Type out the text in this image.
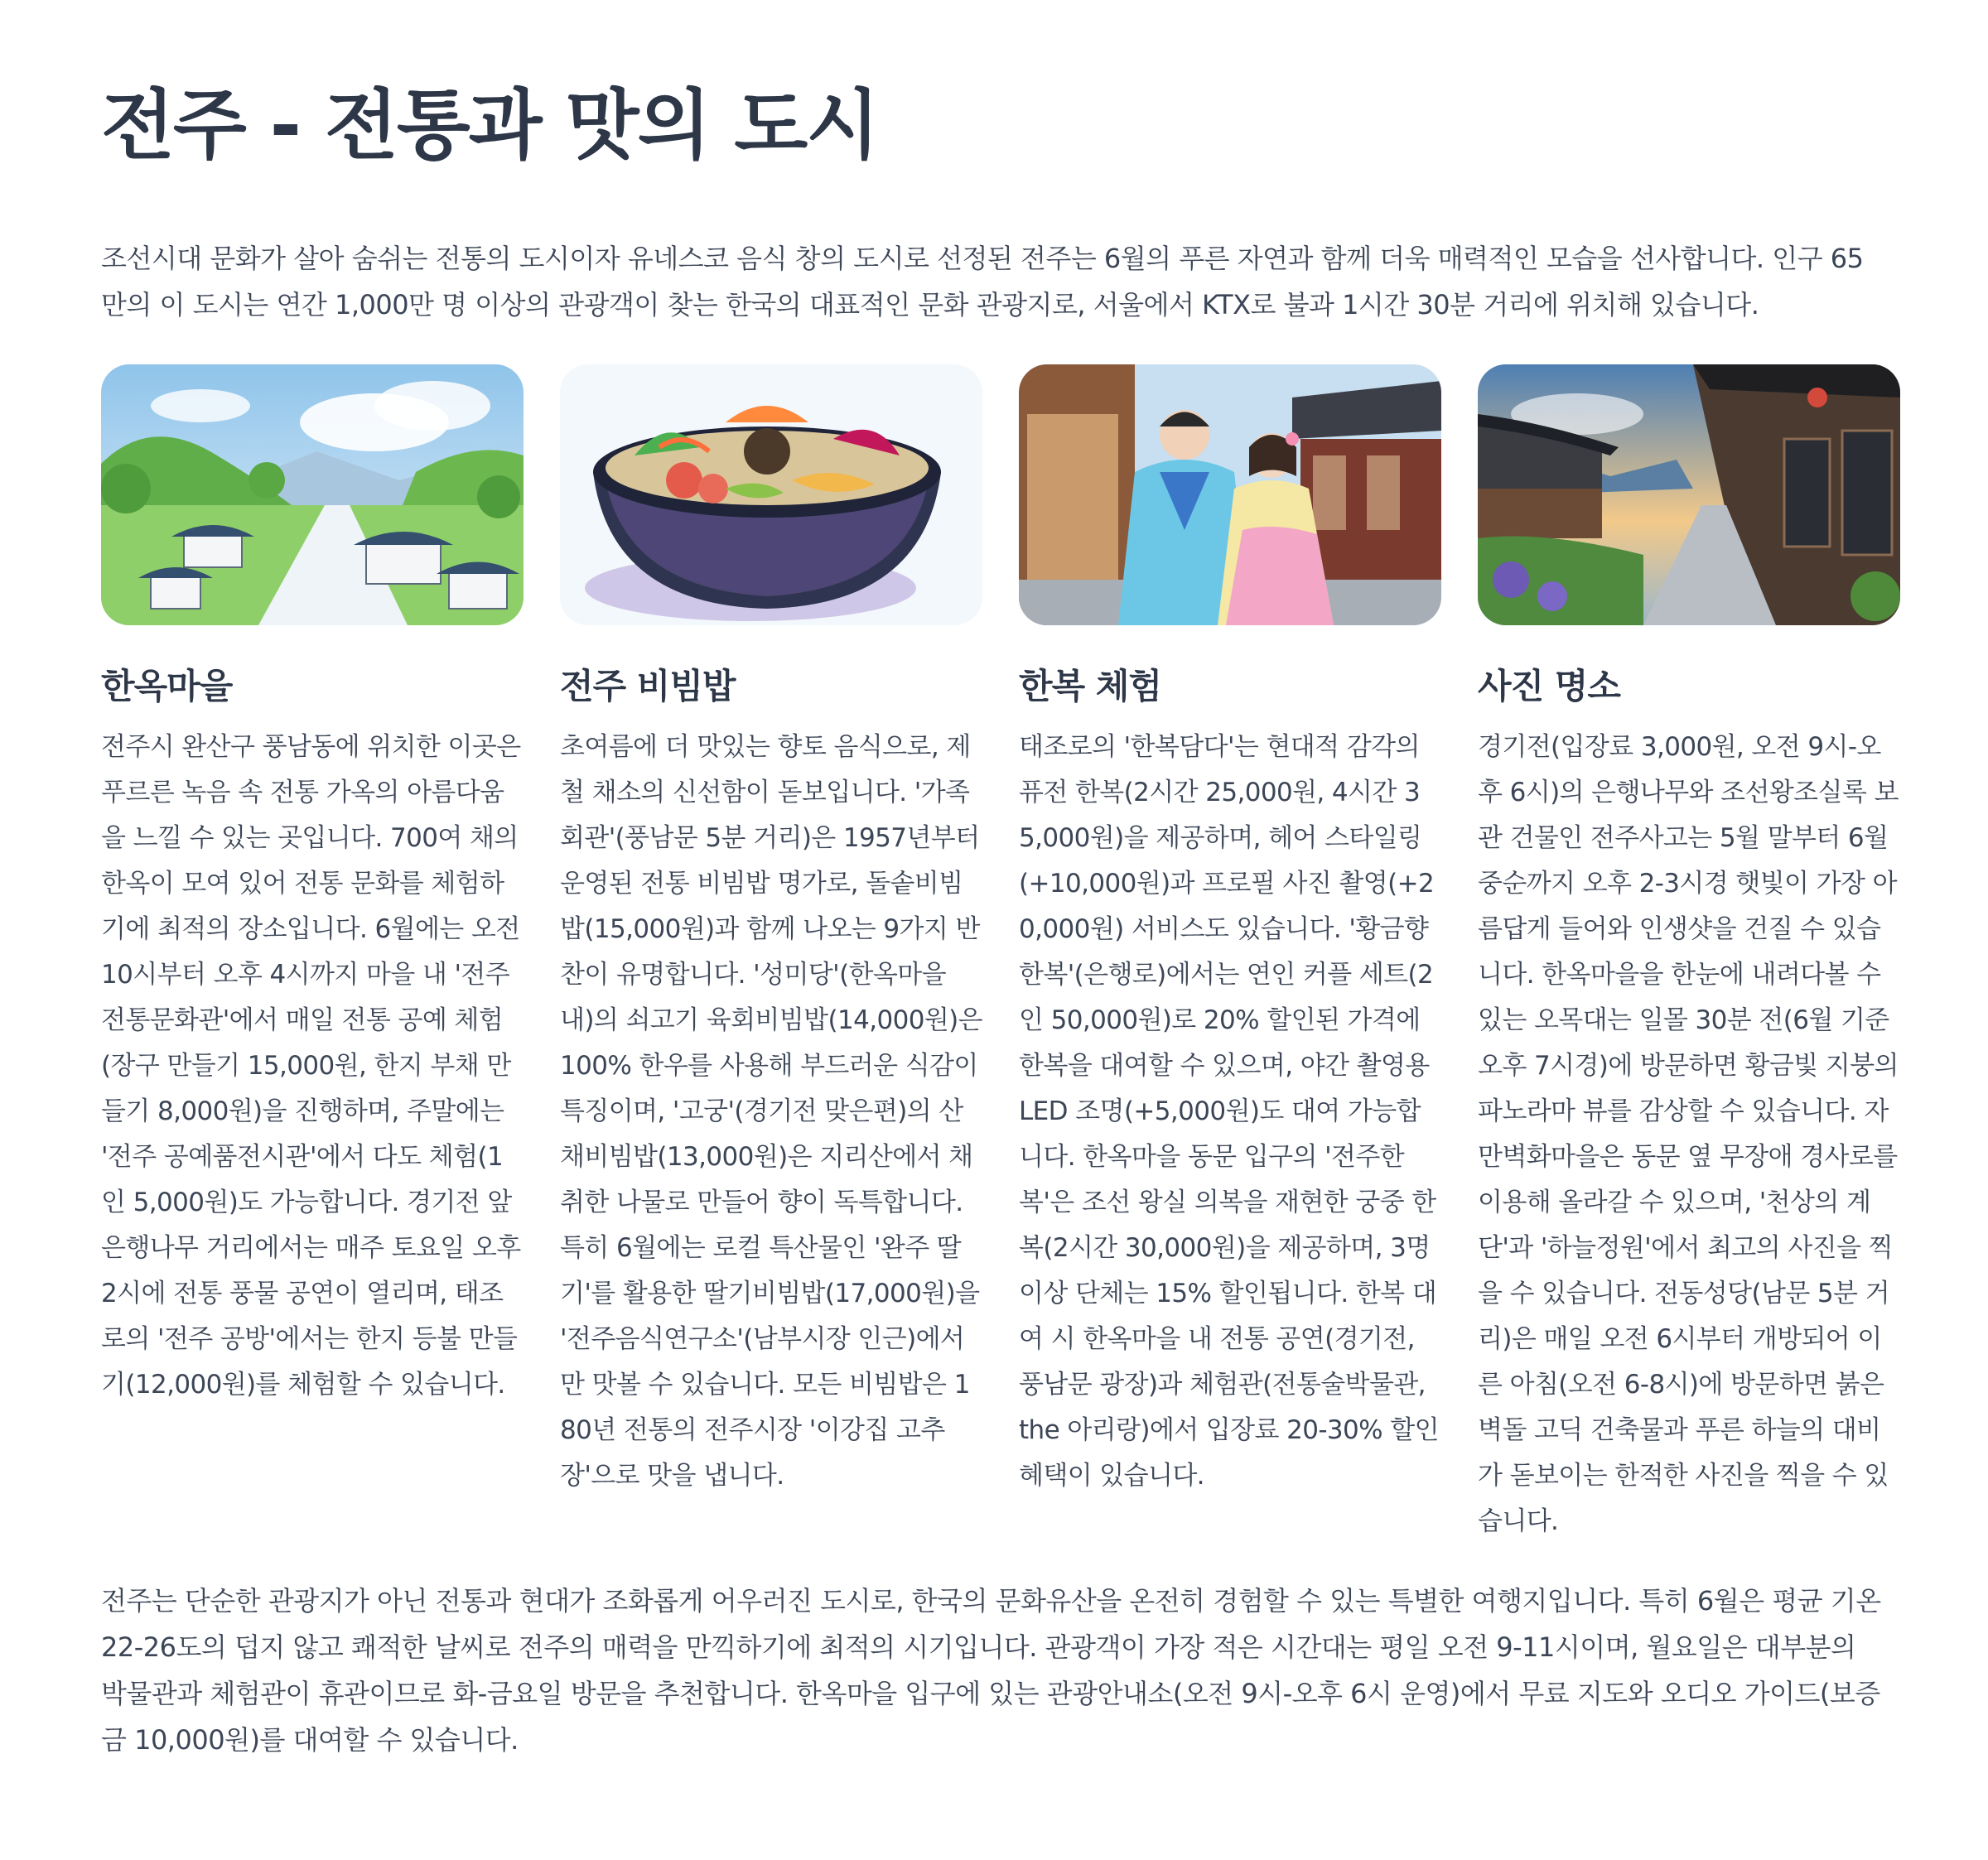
전주 - 전통과 맛의 도시

조선시대 문화가 살아 숨쉬는 전통의 도시이자 유네스코 음식 창의 도시로 선정된 전주는 6월의 푸른 자연과 함께 더욱 매력적인 모습을 선사합니다. 인구 65만의 이 도시는 연간 1,000만 명 이상의 관광객이 찾는 한국의 대표적인 문화 관광지로, 서울에서 KTX로 불과 1시간 30분 거리에 위치해 있습니다.

한옥마을

전주시 완산구 풍남동에 위치한 이곳은 푸르른 녹음 속 전통 가옥의 아름다움을 느낄 수 있는 곳입니다. 700여 채의 한옥이 모여 있어 전통 문화를 체험하기에 최적의 장소입니다. 6월에는 오전 10시부터 오후 4시까지 마을 내 '전주 전통문화관'에서 매일 전통 공예 체험(장구 만들기 15,000원, 한지 부채 만들기 8,000원)을 진행하며, 주말에는 '전주 공예품전시관'에서 다도 체험(1인 5,000원)도 가능합니다. 경기전 앞 은행나무 거리에서는 매주 토요일 오후 2시에 전통 풍물 공연이 열리며, 태조로의 '전주 공방'에서는 한지 등불 만들기(12,000원)를 체험할 수 있습니다.

전주 비빔밥

초여름에 더 맛있는 향토 음식으로, 제철 채소의 신선함이 돋보입니다. '가족회관'(풍남문 5분 거리)은 1957년부터 운영된 전통 비빔밥 명가로, 돌솥비빔밥(15,000원)과 함께 나오는 9가지 반찬이 유명합니다. '성미당'(한옥마을 내)의 쇠고기 육회비빔밥(14,000원)은 100% 한우를 사용해 부드러운 식감이 특징이며, '고궁'(경기전 맞은편)의 산채비빔밥(13,000원)은 지리산에서 채취한 나물로 만들어 향이 독특합니다. 특히 6월에는 로컬 특산물인 '완주 딸기'를 활용한 딸기비빔밥(17,000원)을 '전주음식연구소'(남부시장 인근)에서만 맛볼 수 있습니다. 모든 비빔밥은 180년 전통의 전주시장 '이강집 고추장'으로 맛을 냅니다.

한복 체험

태조로의 '한복담다'는 현대적 감각의 퓨전 한복(2시간 25,000원, 4시간 35,000원)을 제공하며, 헤어 스타일링(+10,000원)과 프로필 사진 촬영(+20,000원) 서비스도 있습니다. '황금향한복'(은행로)에서는 연인 커플 세트(2인 50,000원)로 20% 할인된 가격에 한복을 대여할 수 있으며, 야간 촬영용 LED 조명(+5,000원)도 대여 가능합니다. 한옥마을 동문 입구의 '전주한복'은 조선 왕실 의복을 재현한 궁중 한복(2시간 30,000원)을 제공하며, 3명 이상 단체는 15% 할인됩니다. 한복 대여 시 한옥마을 내 전통 공연(경기전, 풍남문 광장)과 체험관(전통술박물관, the 아리랑)에서 입장료 20-30% 할인 혜택이 있습니다.

사진 명소

경기전(입장료 3,000원, 오전 9시-오후 6시)의 은행나무와 조선왕조실록 보관 건물인 전주사고는 5월 말부터 6월 중순까지 오후 2-3시경 햇빛이 가장 아름답게 들어와 인생샷을 건질 수 있습니다. 한옥마을을 한눈에 내려다볼 수 있는 오목대는 일몰 30분 전(6월 기준 오후 7시경)에 방문하면 황금빛 지붕의 파노라마 뷰를 감상할 수 있습니다. 자만벽화마을은 동문 옆 무장애 경사로를 이용해 올라갈 수 있으며, '천상의 계단'과 '하늘정원'에서 최고의 사진을 찍을 수 있습니다. 전동성당(남문 5분 거리)은 매일 오전 6시부터 개방되어 이른 아침(오전 6-8시)에 방문하면 붉은 벽돌 고딕 건축물과 푸른 하늘의 대비가 돋보이는 한적한 사진을 찍을 수 있습니다.

전주는 단순한 관광지가 아닌 전통과 현대가 조화롭게 어우러진 도시로, 한국의 문화유산을 온전히 경험할 수 있는 특별한 여행지입니다. 특히 6월은 평균 기온 22-26도의 덥지 않고 쾌적한 날씨로 전주의 매력을 만끽하기에 최적의 시기입니다. 관광객이 가장 적은 시간대는 평일 오전 9-11시이며, 월요일은 대부분의 박물관과 체험관이 휴관이므로 화-금요일 방문을 추천합니다. 한옥마을 입구에 있는 관광안내소(오전 9시-오후 6시 운영)에서 무료 지도와 오디오 가이드(보증금 10,000원)를 대여할 수 있습니다.
